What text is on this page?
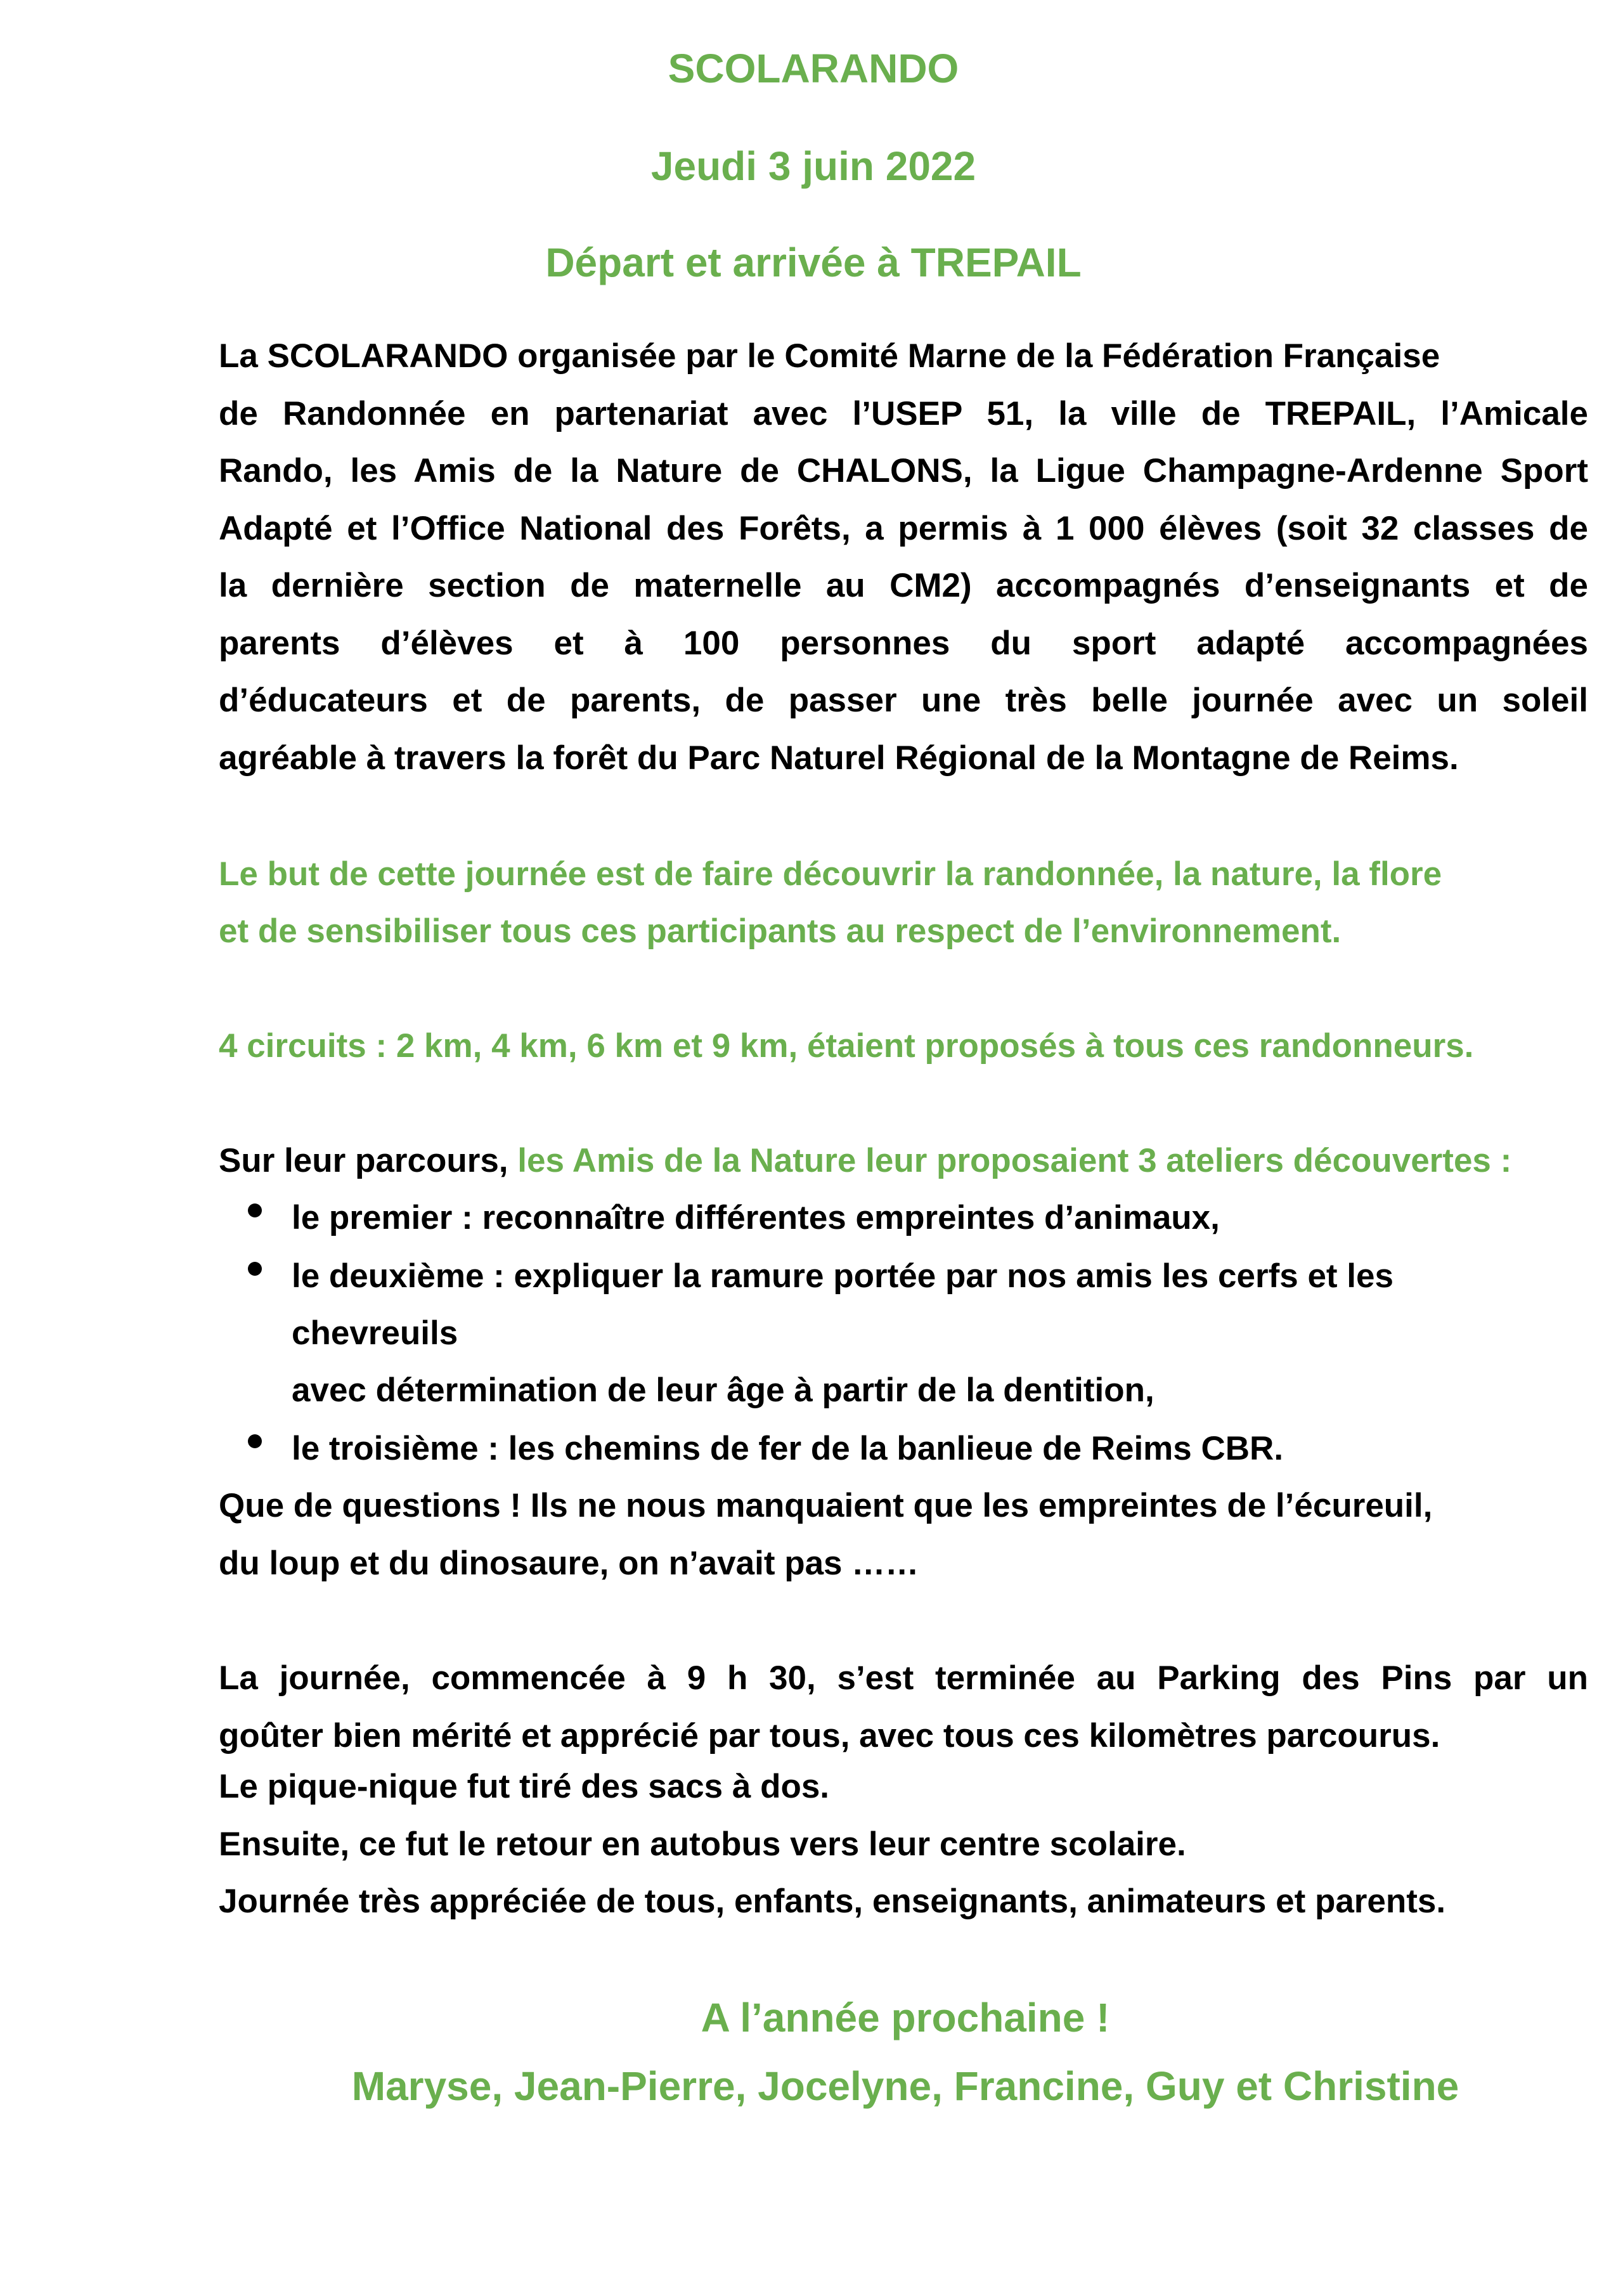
SCOLARANDO
Jeudi 3 juin 2022
Départ et arrivée à TREPAIL
La SCOLARANDO organisée par le Comité Marne de la Fédération Française
de Randonnée en partenariat avec l’USEP 51, la ville de TREPAIL, l’Amicale
Rando, les Amis de la Nature de CHALONS, la Ligue Champagne-Ardenne Sport
Adapté et l’Office National des Forêts, a permis à 1 000 élèves (soit 32 classes de
la dernière section de maternelle au CM2) accompagnés d’enseignants et de
parents d’élèves et à 100 personnes du sport adapté accompagnées
d’éducateurs et de parents, de passer une très belle journée avec un soleil
agréable à travers la forêt du Parc Naturel Régional de la Montagne de Reims.
Le but de cette journée est de faire découvrir la randonnée, la nature, la flore
et de sensibiliser tous ces participants au respect de l’environnement.
4 circuits : 2 km, 4 km, 6 km et 9 km, étaient proposés à tous ces randonneurs.
Sur leur parcours, les Amis de la Nature leur proposaient 3 ateliers découvertes :
le premier : reconnaître différentes empreintes d’animaux,
le deuxième : expliquer la ramure portée par nos amis les cerfs et les
chevreuils
avec détermination de leur âge à partir de la dentition,
le troisième : les chemins de fer de la banlieue de Reims CBR.
Que de questions ! Ils ne nous manquaient que les empreintes de l’écureuil,
du loup et du dinosaure, on n’avait pas ……
La journée, commencée à 9 h 30, s’est terminée au Parking des Pins par un
goûter bien mérité et apprécié par tous, avec tous ces kilomètres parcourus.
Le pique-nique fut tiré des sacs à dos.
Ensuite, ce fut le retour en autobus vers leur centre scolaire.
Journée très appréciée de tous, enfants, enseignants, animateurs et parents.
A l’année prochaine !
Maryse, Jean-Pierre, Jocelyne, Francine, Guy et Christine
